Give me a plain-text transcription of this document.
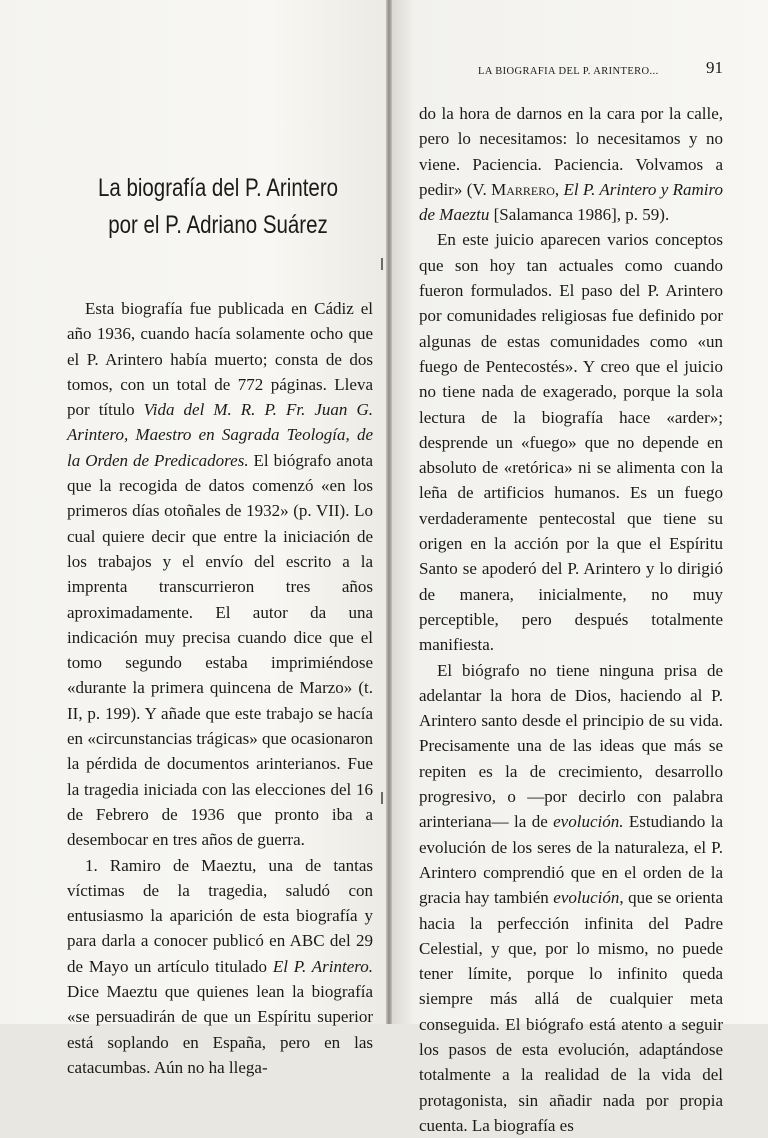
LA BIOGRAFIA DEL P. ARINTERO...	91
La biografía del P. Arintero
por el P. Adriano Suárez

Esta biografía fue publicada en Cádiz el año 1936, cuando hacía solamente ocho que el P. Arintero había muerto; consta de dos tomos, con un total de 772 páginas. Lleva por título Vida del M. R. P. Fr. Juan G. Arintero, Maestro en Sagrada Teología, de la Orden de Predicadores. El biógrafo anota que la recogida de datos comenzó «en los primeros días otoñales de 1932» (p. VII). Lo cual quiere decir que entre la iniciación de los trabajos y el envío del escrito a la imprenta transcurrieron tres años aproximadamente. El autor da una indicación muy precisa cuando dice que el tomo segundo estaba imprimiéndose «durante la primera quincena de Marzo» (t. II, p. 199). Y añade que este trabajo se hacía en «circunstancias trágicas» que ocasionaron la pérdida de documentos arinterianos. Fue la tragedia iniciada con las elecciones del 16 de Febrero de 1936 que pronto iba a desembocar en tres años de guerra.

1. Ramiro de Maeztu, una de tantas víctimas de la tragedia, saludó con entusiasmo la aparición de esta biografía y para darla a conocer publicó en ABC del 29 de Mayo un artículo titulado El P. Arintero. Dice Maeztu que quienes lean la biografía «se persuadirán de que un Espíritu superior está soplando en España, pero en las catacumbas. Aún no ha llega-

do la hora de darnos en la cara por la calle, pero lo necesitamos: lo necesitamos y no viene. Paciencia. Paciencia. Volvamos a pedir» (V. Marrero, El P. Arintero y Ramiro de Maeztu [Salamanca 1986], p. 59).

En este juicio aparecen varios conceptos que son hoy tan actuales como cuando fueron formulados. El paso del P. Arintero por comunidades religiosas fue definido por algunas de estas comunidades como «un fuego de Pentecostés». Y creo que el juicio no tiene nada de exagerado, porque la sola lectura de la biografía hace «arder»; desprende un «fuego» que no depende en absoluto de «retórica» ni se alimenta con la leña de artificios humanos. Es un fuego verdaderamente pentecostal que tiene su origen en la acción por la que el Espíritu Santo se apoderó del P. Arintero y lo dirigió de manera, inicialmente, no muy perceptible, pero después totalmente manifiesta.

El biógrafo no tiene ninguna prisa de adelantar la hora de Dios, haciendo al P. Arintero santo desde el principio de su vida. Precisamente una de las ideas que más se repiten es la de crecimiento, desarrollo progresivo, o —por decirlo con palabra arinteriana— la de evolución. Estudiando la evolución de los seres de la naturaleza, el P. Arintero comprendió que en el orden de la gracia hay también evolución, que se orienta hacia la perfección infinita del Padre Celestial, y que, por lo mismo, no puede tener límite, porque lo infinito queda siempre más allá de cualquier meta conseguida. El biógrafo está atento a seguir los pasos de esta evolución, adaptándose totalmente a la realidad de la vida del protagonista, sin añadir nada por propia cuenta. La biografía es
